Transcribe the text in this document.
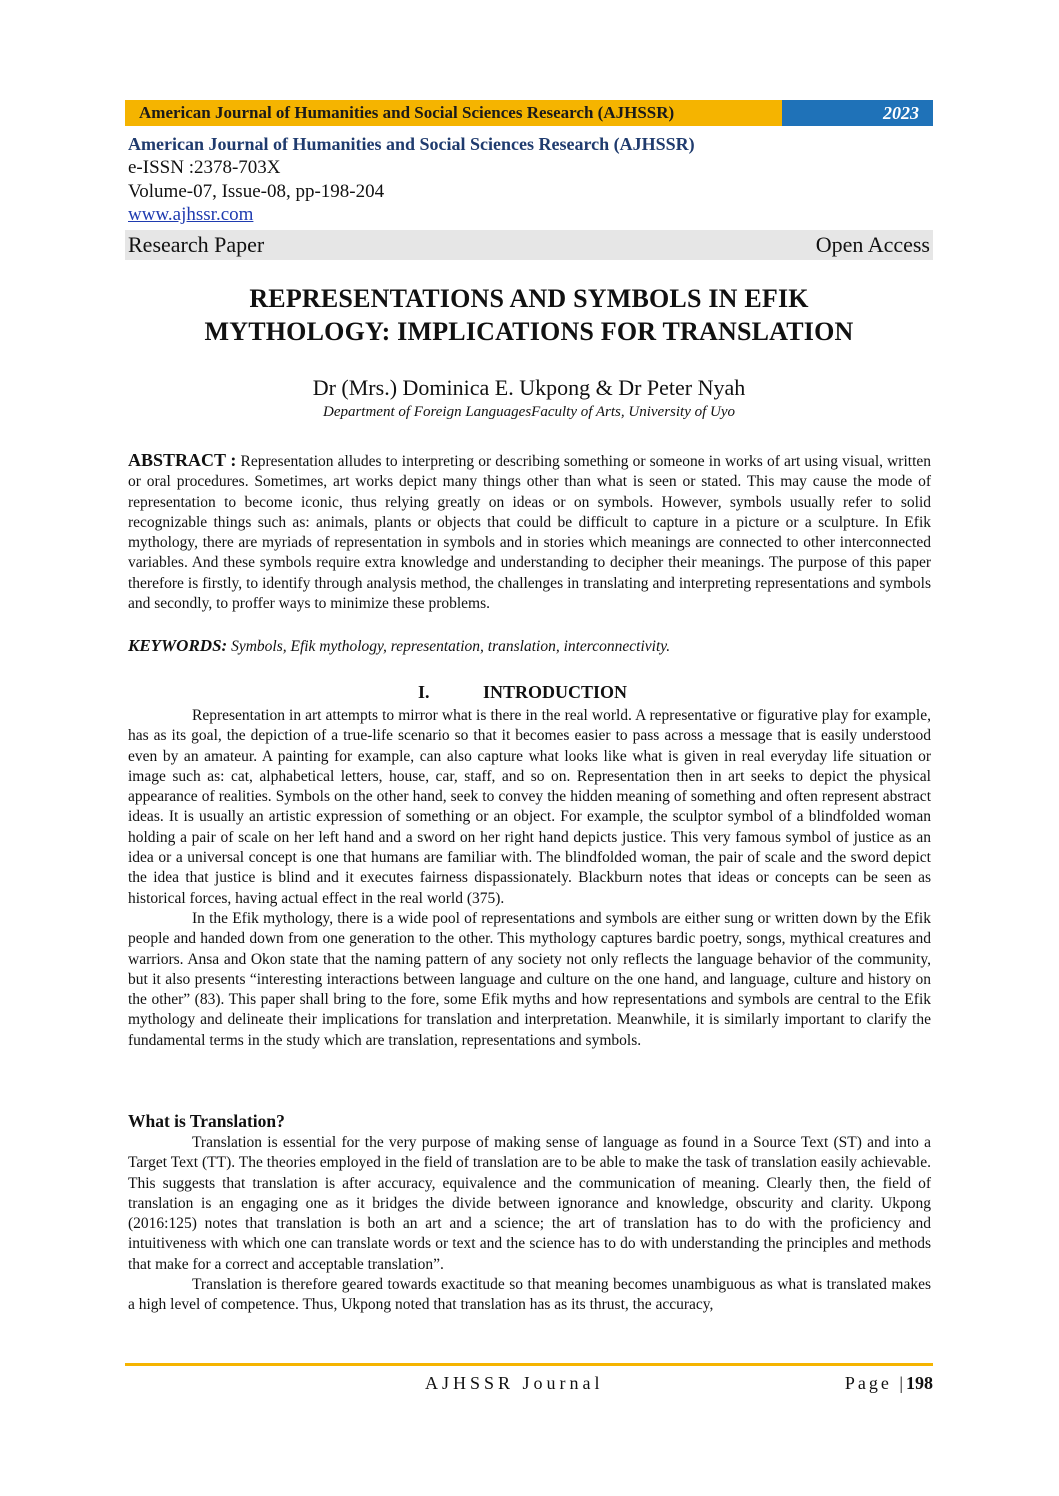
American Journal of Humanities and Social Sciences Research (AJHSSR)	2023
American Journal of Humanities and Social Sciences Research (AJHSSR)
e-ISSN :2378-703X
Volume-07, Issue-08, pp-198-204
www.ajhssr.com
Research Paper	Open Access
REPRESENTATIONS AND SYMBOLS IN EFIK
MYTHOLOGY: IMPLICATIONS FOR TRANSLATION
Dr (Mrs.) Dominica E. Ukpong & Dr Peter Nyah
Department of Foreign LanguagesFaculty of Arts, University of Uyo
ABSTRACT : Representation alludes to interpreting or describing something or someone in works of art using visual, written or oral procedures. Sometimes, art works depict many things other than what is seen or stated. This may cause the mode of representation to become iconic, thus relying greatly on ideas or on symbols. However, symbols usually refer to solid recognizable things such as: animals, plants or objects that could be difficult to capture in a picture or a sculpture. In Efik mythology, there are myriads of representation in symbols and in stories which meanings are connected to other interconnected variables. And these symbols require extra knowledge and understanding to decipher their meanings. The purpose of this paper therefore is firstly, to identify through analysis method, the challenges in translating and interpreting representations and symbols and secondly, to proffer ways to minimize these problems.
KEYWORDS: Symbols, Efik mythology, representation, translation, interconnectivity.
I.	INTRODUCTION

Representation in art attempts to mirror what is there in the real world. A representative or figurative play for example, has as its goal, the depiction of a true-life scenario so that it becomes easier to pass across a message that is easily understood even by an amateur. A painting for example, can also capture what looks like what is given in real everyday life situation or image such as: cat, alphabetical letters, house, car, staff, and so on. Representation then in art seeks to depict the physical appearance of realities. Symbols on the other hand, seek to convey the hidden meaning of something and often represent abstract ideas. It is usually an artistic expression of something or an object. For example, the sculptor symbol of a blindfolded woman holding a pair of scale on her left hand and a sword on her right hand depicts justice. This very famous symbol of justice as an idea or a universal concept is one that humans are familiar with. The blindfolded woman, the pair of scale and the sword depict the idea that justice is blind and it executes fairness dispassionately. Blackburn notes that ideas or concepts can be seen as historical forces, having actual effect in the real world (375).

In the Efik mythology, there is a wide pool of representations and symbols are either sung or written down by the Efik people and handed down from one generation to the other. This mythology captures bardic poetry, songs, mythical creatures and warriors. Ansa and Okon state that the naming pattern of any society not only reflects the language behavior of the community, but it also presents “interesting interactions between language and culture on the one hand, and language, culture and history on the other” (83). This paper shall bring to the fore, some Efik myths and how representations and symbols are central to the Efik mythology and delineate their implications for translation and interpretation. Meanwhile, it is similarly important to clarify the fundamental terms in the study which are translation, representations and symbols.

What is Translation?

Translation is essential for the very purpose of making sense of language as found in a Source Text (ST) and into a Target Text (TT). The theories employed in the field of translation are to be able to make the task of translation easily achievable. This suggests that translation is after accuracy, equivalence and the communication of meaning. Clearly then, the field of translation is an engaging one as it bridges the divide between ignorance and knowledge, obscurity and clarity. Ukpong (2016:125) notes that translation is both an art and a science; the art of translation has to do with the proficiency and intuitiveness with which one can translate words or text and the science has to do with understanding the principles and methods that make for a correct and acceptable translation”.

Translation is therefore geared towards exactitude so that meaning becomes unambiguous as what is translated makes a high level of competence. Thus, Ukpong noted that translation has as its thrust, the accuracy,

AJHSSR Journal	Page |198
